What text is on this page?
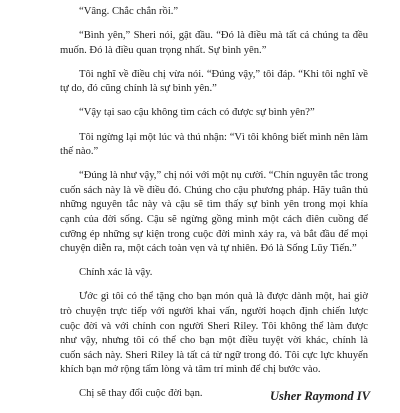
“Vâng. Chắc chắn rồi.”

“Bình yên,” Sheri nói, gật đầu. “Đó là điều mà tất cả chúng ta đều muốn. Đó là điều quan trọng nhất. Sự bình yên.”

Tôi nghĩ về điều chị vừa nói. “Đúng vậy,” tôi đáp. “Khi tôi nghĩ về tự do, đó cũng chính là sự bình yên.”

“Vậy tại sao cậu không tìm cách có được sự bình yên?”

Tôi ngừng lại một lúc và thú nhận: “Vì tôi không biết mình nên làm thế nào.”

“Đúng là như vậy,” chị nói với một nụ cười. “Chín nguyên tắc trong cuốn sách này là về điều đó. Chúng cho cậu phương pháp. Hãy tuân thủ những nguyên tắc này và cậu sẽ tìm thấy sự bình yên trong mọi khía cạnh của đời sống. Cậu sẽ ngừng gồng mình một cách điên cuồng để cưỡng ép những sự kiện trong cuộc đời mình xảy ra, và bắt đầu để mọi chuyện diễn ra, một cách toàn vẹn và tự nhiên. Đó là Sống Lũy Tiến.”

Chính xác là vậy.

Ước gì tôi có thể tặng cho bạn món quà là được dành một, hai giờ trò chuyện trực tiếp với người khai vấn, người hoạch định chiến lược cuộc đời và với chính con người Sheri Riley. Tôi không thể làm được như vậy, nhưng tôi có thể cho bạn một điều tuyệt vời khác, chính là cuốn sách này. Sheri Riley là tất cả từ ngữ trong đó. Tôi cực lực khuyến khích bạn mở rộng tấm lòng và tâm trí mình để chị bước vào.

Chị sẽ thay đổi cuộc đời bạn.	Usher Raymond IV
